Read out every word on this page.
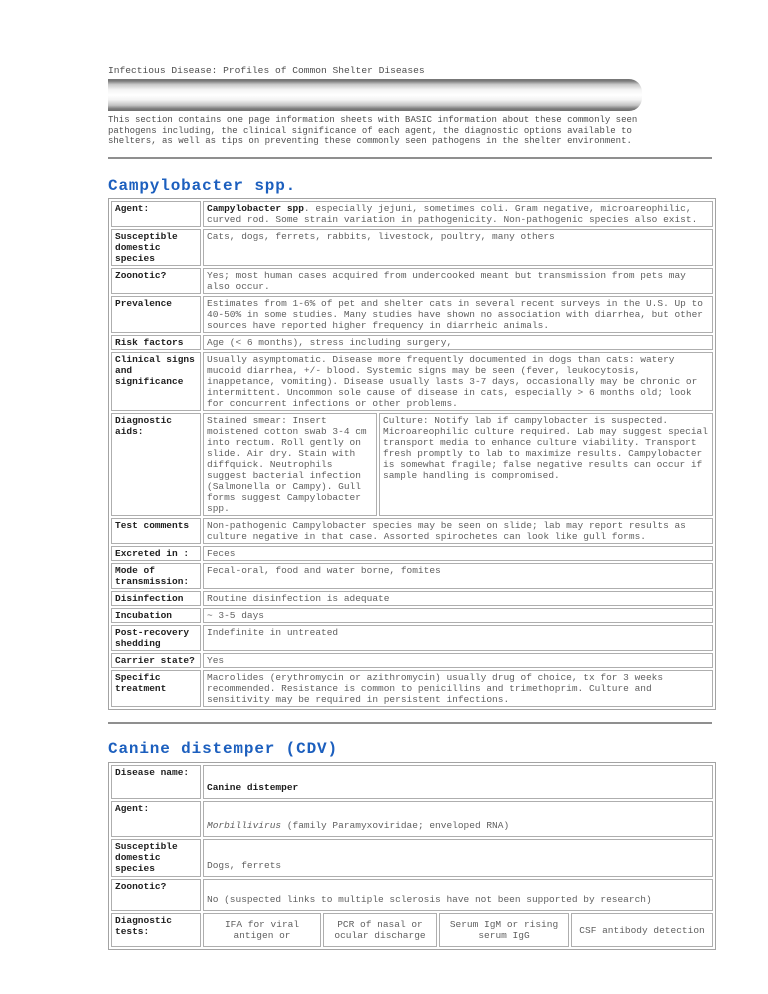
Infectious Disease: Profiles of Common Shelter Diseases

This section contains one page information sheets with BASIC information about these commonly seen pathogens including, the clinical significance of each agent, the diagnostic options available to shelters, as well as tips on preventing these commonly seen pathogens in the shelter environment.

Campylobacter spp.
Agent:	Campylobacter spp. especially jejuni, sometimes coli. Gram negative, microareophilic, curved rod. Some strain variation in pathogenicity. Non-pathogenic species also exist.	
Susceptible domestic species	Cats, dogs, ferrets, rabbits, livestock, poultry, many others	
Zoonotic?	Yes; most human cases acquired from undercooked meant but transmission from pets may also occur.	
Prevalence	Estimates from 1-6% of pet and shelter cats in several recent surveys in the U.S. Up to 40-50% in some studies. Many studies have shown no association with diarrhea, but other sources have reported higher frequency in diarrheic animals.	
Risk factors	Age (< 6 months), stress including surgery,	
Clinical signs and significance	Usually asymptomatic. Disease more frequently documented in dogs than cats: watery mucoid diarrhea, +/- blood. Systemic signs may be seen (fever, leukocytosis, inappetance, vomiting). Disease usually lasts 3-7 days, occasionally may be chronic or intermittent. Uncommon sole cause of disease in cats, especially > 6 months old; look for concurrent infections or other problems.	
Diagnostic aids:	Stained smear: Insert moistened cotton swab 3-4 cm into rectum. Roll gently on slide. Air dry. Stain with diffquick. Neutrophils suggest bacterial infection (Salmonella or Campy). Gull forms suggest Campylobacter spp.	Culture: Notify lab if campylobacter is suspected. Microareophilic culture required. Lab may suggest special transport media to enhance culture viability. Transport fresh promptly to lab to maximize results. Campylobacter is somewhat fragile; false negative results can occur if sample handling is compromised.
Test comments	Non-pathogenic Campylobacter species may be seen on slide; lab may report results as culture negative in that case. Assorted spirochetes can look like gull forms.	
Excreted in :	Feces	
Mode of transmission:	Fecal-oral, food and water borne, fomites	
Disinfection	Routine disinfection is adequate	
Incubation	~ 3-5 days	
Post-recovery shedding	Indefinite in untreated	
Carrier state?	Yes	
Specific treatment	Macrolides (erythromycin or azithromycin) usually drug of choice, tx for 3 weeks recommended. Resistance is common to penicillins and trimethoprim. Culture and sensitivity may be required in persistent infections.	
Canine distemper (CDV)
Disease name:	Canine distemper			
Agent:	Morbillivirus (family Paramyxoviridae; enveloped RNA)			
Susceptible domestic species	Dogs, ferrets			
Zoonotic?	No (suspected links to multiple sclerosis have not been supported by research)			
Diagnostic tests:	IFA for viral antigen or	PCR of nasal or ocular discharge	Serum IgM or rising serum IgG	CSF antibody detection
